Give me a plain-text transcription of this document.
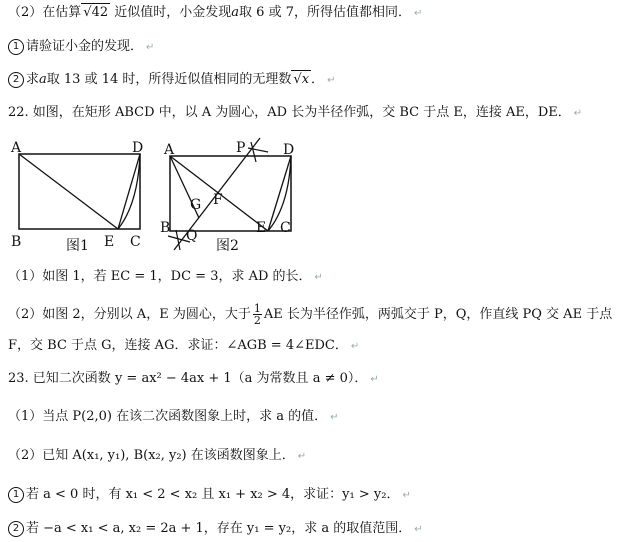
（2）在估算 √42 近似值时，小金发现a取 6 或 7，所得估值都相同． ↵
1 请验证小金的发现． ↵
2 求a取 13 或 14 时，所得近似值相同的无理数 √x ． ↵
22. 如图，在矩形 ABCD 中，以 A 为圆心，AD 长为半径作弧，交 BC 于点 E，连接 AE，DE． ↵
A	D
B	E C
图1
A	P	D
G F
B Q	E C
图2
（1）如图 1，若 EC = 1，DC = 3，求 AD 的长． ↵
（2）如图 2，分别以 A，E 为圆心，大于 $\frac{1}{2}$ AE 长为半径作弧，两弧交于 P，Q，作直线 PQ 交 AE 于点
F，交 BC 于点 G，连接 AG．求证：∠AGB = 4∠EDC． ↵
23. 已知二次函数 y = ax² − 4ax + 1（a 为常数且 a ≠ 0）． ↵
（1）当点 P(2,0) 在该二次函数图象上时，求 a 的值． ↵
（2）已知 A(x₁, y₁), B(x₂, y₂) 在该函数图象上． ↵
1 若 a < 0 时，有 x₁ < 2 < x₂ 且 x₁ + x₂ > 4，求证：y₁ > y₂． ↵
2 若 −a < x₁ < a, x₂ = 2a + 1，存在 y₁ = y₂，求 a 的取值范围． ↵
